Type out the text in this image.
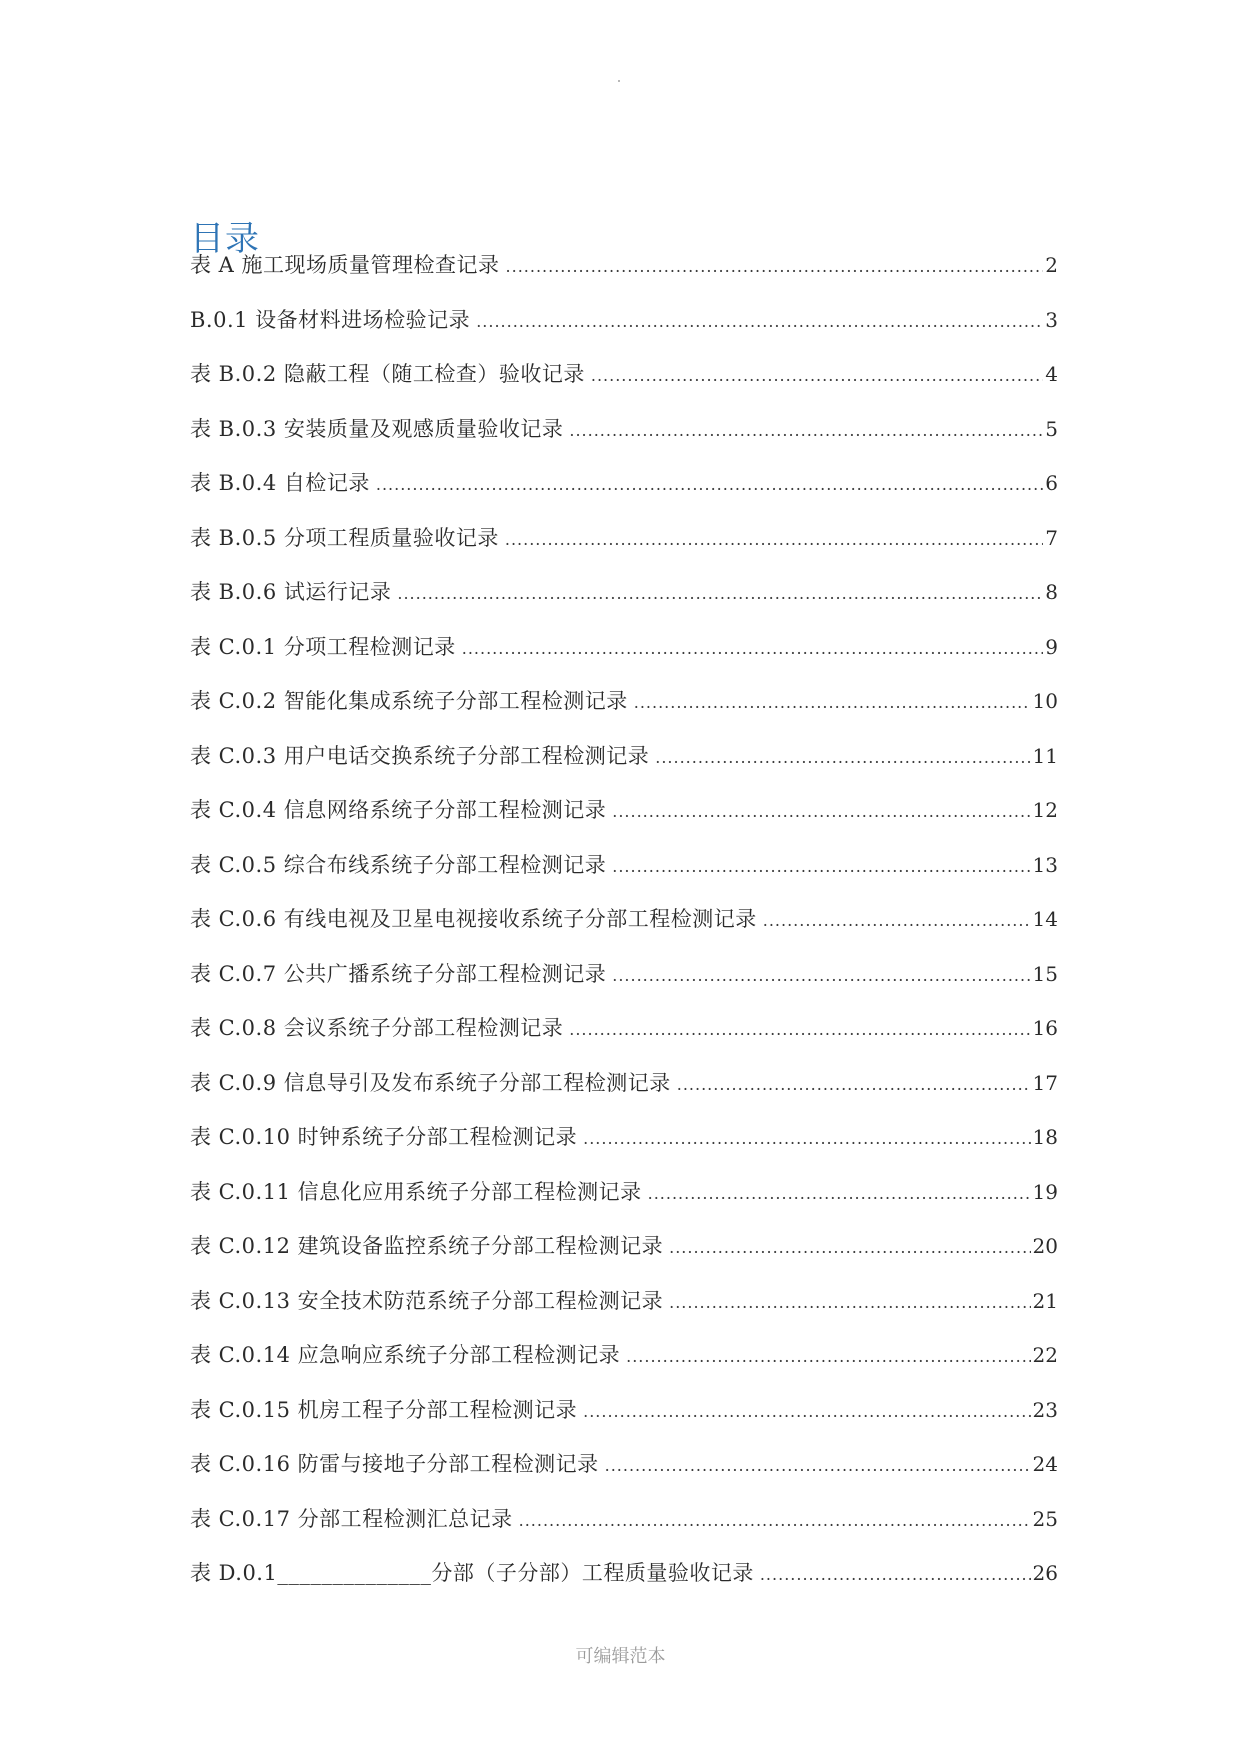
目录
表 A 施工现场质量管理检查记录 .....	2
B.0.1 设备材料进场检验记录 .....	3
表 B.0.2 隐蔽工程（随工检查）验收记录 .....	4
表 B.0.3 安装质量及观感质量验收记录 .....	5
表 B.0.4 自检记录 .....	6
表 B.0.5 分项工程质量验收记录 .....	7
表 B.0.6 试运行记录 .....	8
表 C.0.1 分项工程检测记录 .....	9
表 C.0.2 智能化集成系统子分部工程检测记录 .....	10
表 C.0.3 用户电话交换系统子分部工程检测记录 .....	11
表 C.0.4 信息网络系统子分部工程检测记录 .....	12
表 C.0.5 综合布线系统子分部工程检测记录 .....	13
表 C.0.6 有线电视及卫星电视接收系统子分部工程检测记录 .....	14
表 C.0.7 公共广播系统子分部工程检测记录 .....	15
表 C.0.8 会议系统子分部工程检测记录 .....	16
表 C.0.9 信息导引及发布系统子分部工程检测记录 .....	17
表 C.0.10 时钟系统子分部工程检测记录 .....	18
表 C.0.11 信息化应用系统子分部工程检测记录 .....	19
表 C.0.12 建筑设备监控系统子分部工程检测记录 .....	20
表 C.0.13 安全技术防范系统子分部工程检测记录 .....	21
表 C.0.14 应急响应系统子分部工程检测记录 .....	22
表 C.0.15 机房工程子分部工程检测记录 .....	23
表 C.0.16 防雷与接地子分部工程检测记录 .....	24
表 C.0.17 分部工程检测汇总记录 .....	25
表 D.0.1______________分部（子分部）工程质量验收记录 .....	26
可编辑范本
